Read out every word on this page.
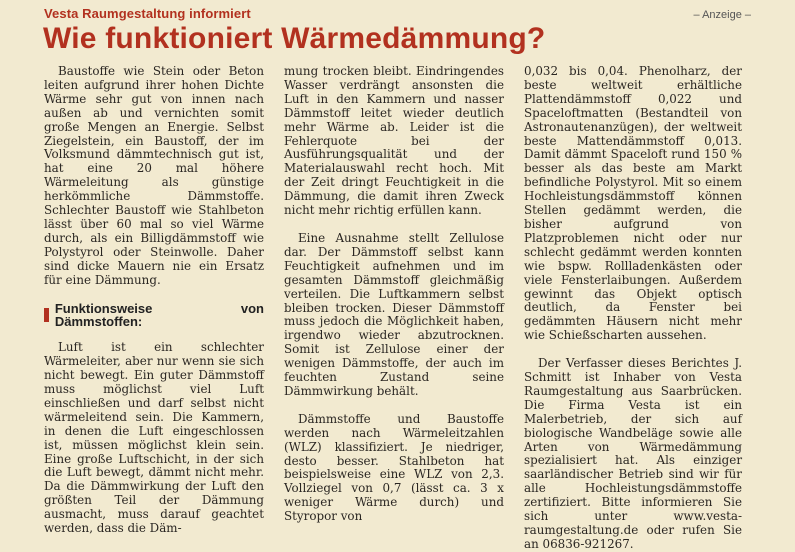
Vesta Raumgestaltung informiert	– Anzeige –
Wie funktioniert Wärmedämmung?

Baustoffe wie Stein oder Beton leiten aufgrund ihrer hohen Dichte Wärme sehr gut von innen nach außen ab und vernichten somit große Mengen an Energie. Selbst Ziegelstein, ein Baustoff, der im Volksmund dämmtechnisch gut ist, hat eine 20 mal höhere Wärmeleitung als günstige herkömmliche Dämmstoffe. Schlechter Baustoff wie Stahlbeton lässt über 60 mal so viel Wärme durch, als ein Billigdämmstoff wie Polystyrol oder Steinwolle. Daher sind dicke Mauern nie ein Ersatz für eine Dämmung.

Funktionsweise von Dämmstoffen:

Luft ist ein schlechter Wärmeleiter, aber nur wenn sie sich nicht bewegt. Ein guter Dämmstoff muss möglichst viel Luft einschließen und darf selbst nicht wärmeleitend sein. Die Kammern, in denen die Luft eingeschlossen ist, müssen möglichst klein sein. Eine große Luftschicht, in der sich die Luft bewegt, dämmt nicht mehr. Da die Dämmwirkung der Luft den größten Teil der Dämmung ausmacht, muss darauf geachtet werden, dass die Däm-

mung trocken bleibt. Eindringendes Wasser verdrängt ansonsten die Luft in den Kammern und nasser Dämmstoff leitet wieder deutlich mehr Wärme ab. Leider ist die Fehlerquote bei der Ausführungsqualität und der Materialauswahl recht hoch. Mit der Zeit dringt Feuchtigkeit in die Dämmung, die damit ihren Zweck nicht mehr richtig erfüllen kann.

Eine Ausnahme stellt Zellulose dar. Der Dämmstoff selbst kann Feuchtigkeit aufnehmen und im gesamten Dämmstoff gleichmäßig verteilen. Die Luftkammern selbst bleiben trocken. Dieser Dämmstoff muss jedoch die Möglichkeit haben, irgendwo wieder abzutrocknen. Somit ist Zellulose einer der wenigen Dämmstoffe, der auch im feuchten Zustand seine Dämmwirkung behält.

Dämmstoffe und Baustoffe werden nach Wärmeleitzahlen (WLZ) klassifiziert. Je niedriger, desto besser. Stahlbeton hat beispielsweise eine WLZ von 2,3. Vollziegel von 0,7 (lässt ca. 3 x weniger Wärme durch) und Styropor von

0,032 bis 0,04. Phenolharz, der beste weltweit erhältliche Plattendämmstoff 0,022 und Spaceloftmatten (Bestandteil von Astronautenanzügen), der weltweit beste Mattendämmstoff 0,013. Damit dämmt Spaceloft rund 150 % besser als das beste am Markt befindliche Polystyrol. Mit so einem Hochleistungsdämmstoff können Stellen gedämmt werden, die bisher aufgrund von Platzproblemen nicht oder nur schlecht gedämmt werden konnten wie bspw. Rollladenkästen oder viele Fensterlaibungen. Außerdem gewinnt das Objekt optisch deutlich, da Fenster bei gedämmten Häusern nicht mehr wie Schießscharten aussehen.

Der Verfasser dieses Berichtes J. Schmitt ist Inhaber von Vesta Raumgestaltung aus Saarbrücken. Die Firma Vesta ist ein Malerbetrieb, der sich auf biologische Wandbeläge sowie alle Arten von Wärmedämmung spezialisiert hat. Als einziger saarländischer Betrieb sind wir für alle Hochleistungsdämmstoffe zertifiziert. Bitte informieren Sie sich unter www.vesta-raumgestaltung.de oder rufen Sie an 06836-921267.
